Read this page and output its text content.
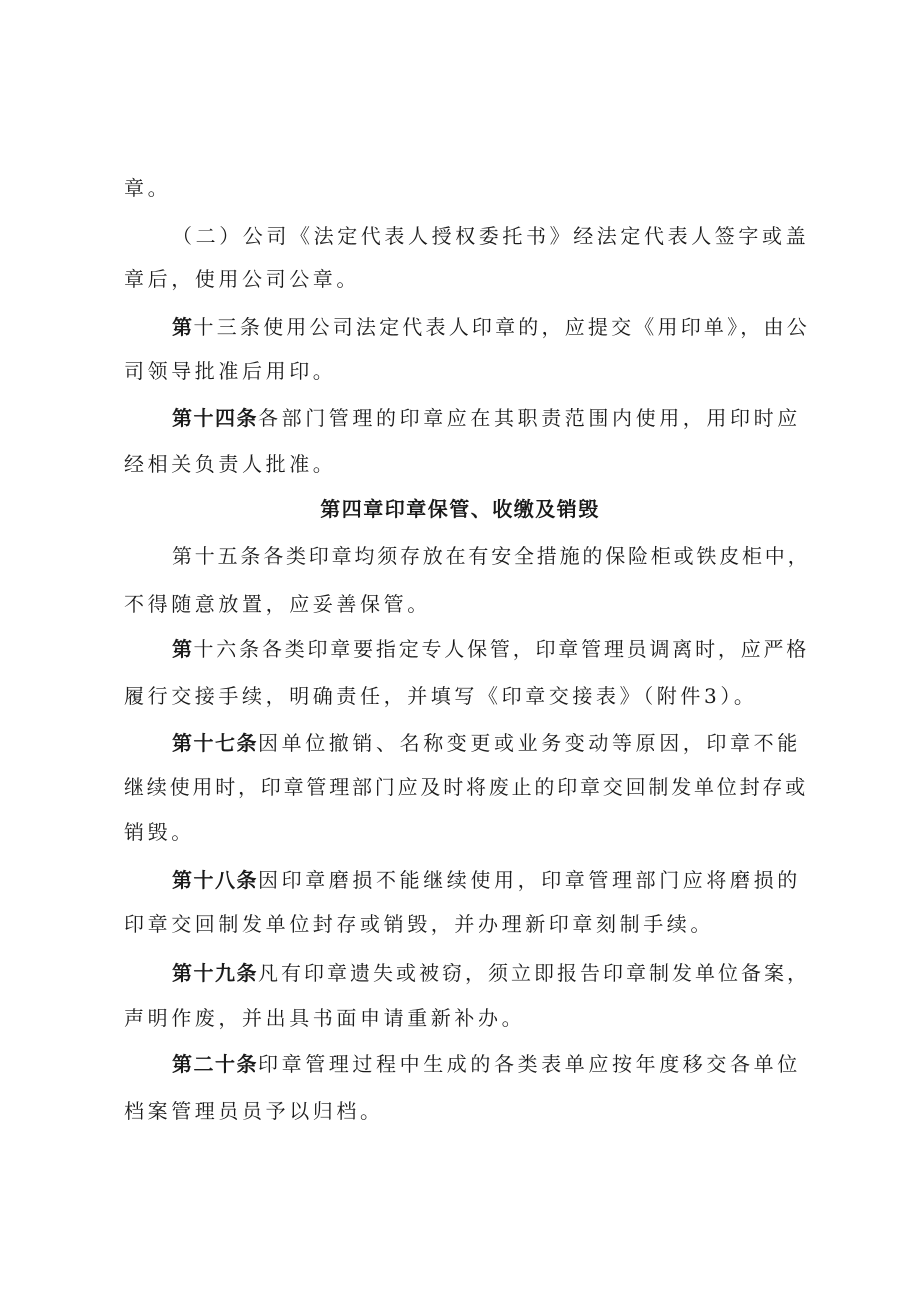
章。
（二）公司《法定代表人授权委托书》经法定代表人签字或盖
章后，使用公司公章。
第十三条使用公司法定代表人印章的，应提交《用印单》，由公
司领导批准后用印。
第十四条各部门管理的印章应在其职责范围内使用，用印时应
经相关负责人批准。
第四章印章保管、收缴及销毁
第十五条各类印章均须存放在有安全措施的保险柜或铁皮柜中，
不得随意放置，应妥善保管。
第十六条各类印章要指定专人保管，印章管理员调离时，应严格
履行交接手续，明确责任，并填写《印章交接表》（附件3）。
第十七条因单位撤销、名称变更或业务变动等原因，印章不能
继续使用时，印章管理部门应及时将废止的印章交回制发单位封存或
销毁。
第十八条因印章磨损不能继续使用，印章管理部门应将磨损的
印章交回制发单位封存或销毁，并办理新印章刻制手续。
第十九条凡有印章遗失或被窃，须立即报告印章制发单位备案，
声明作废，并出具书面申请重新补办。
第二十条印章管理过程中生成的各类表单应按年度移交各单位
档案管理员员予以归档。
